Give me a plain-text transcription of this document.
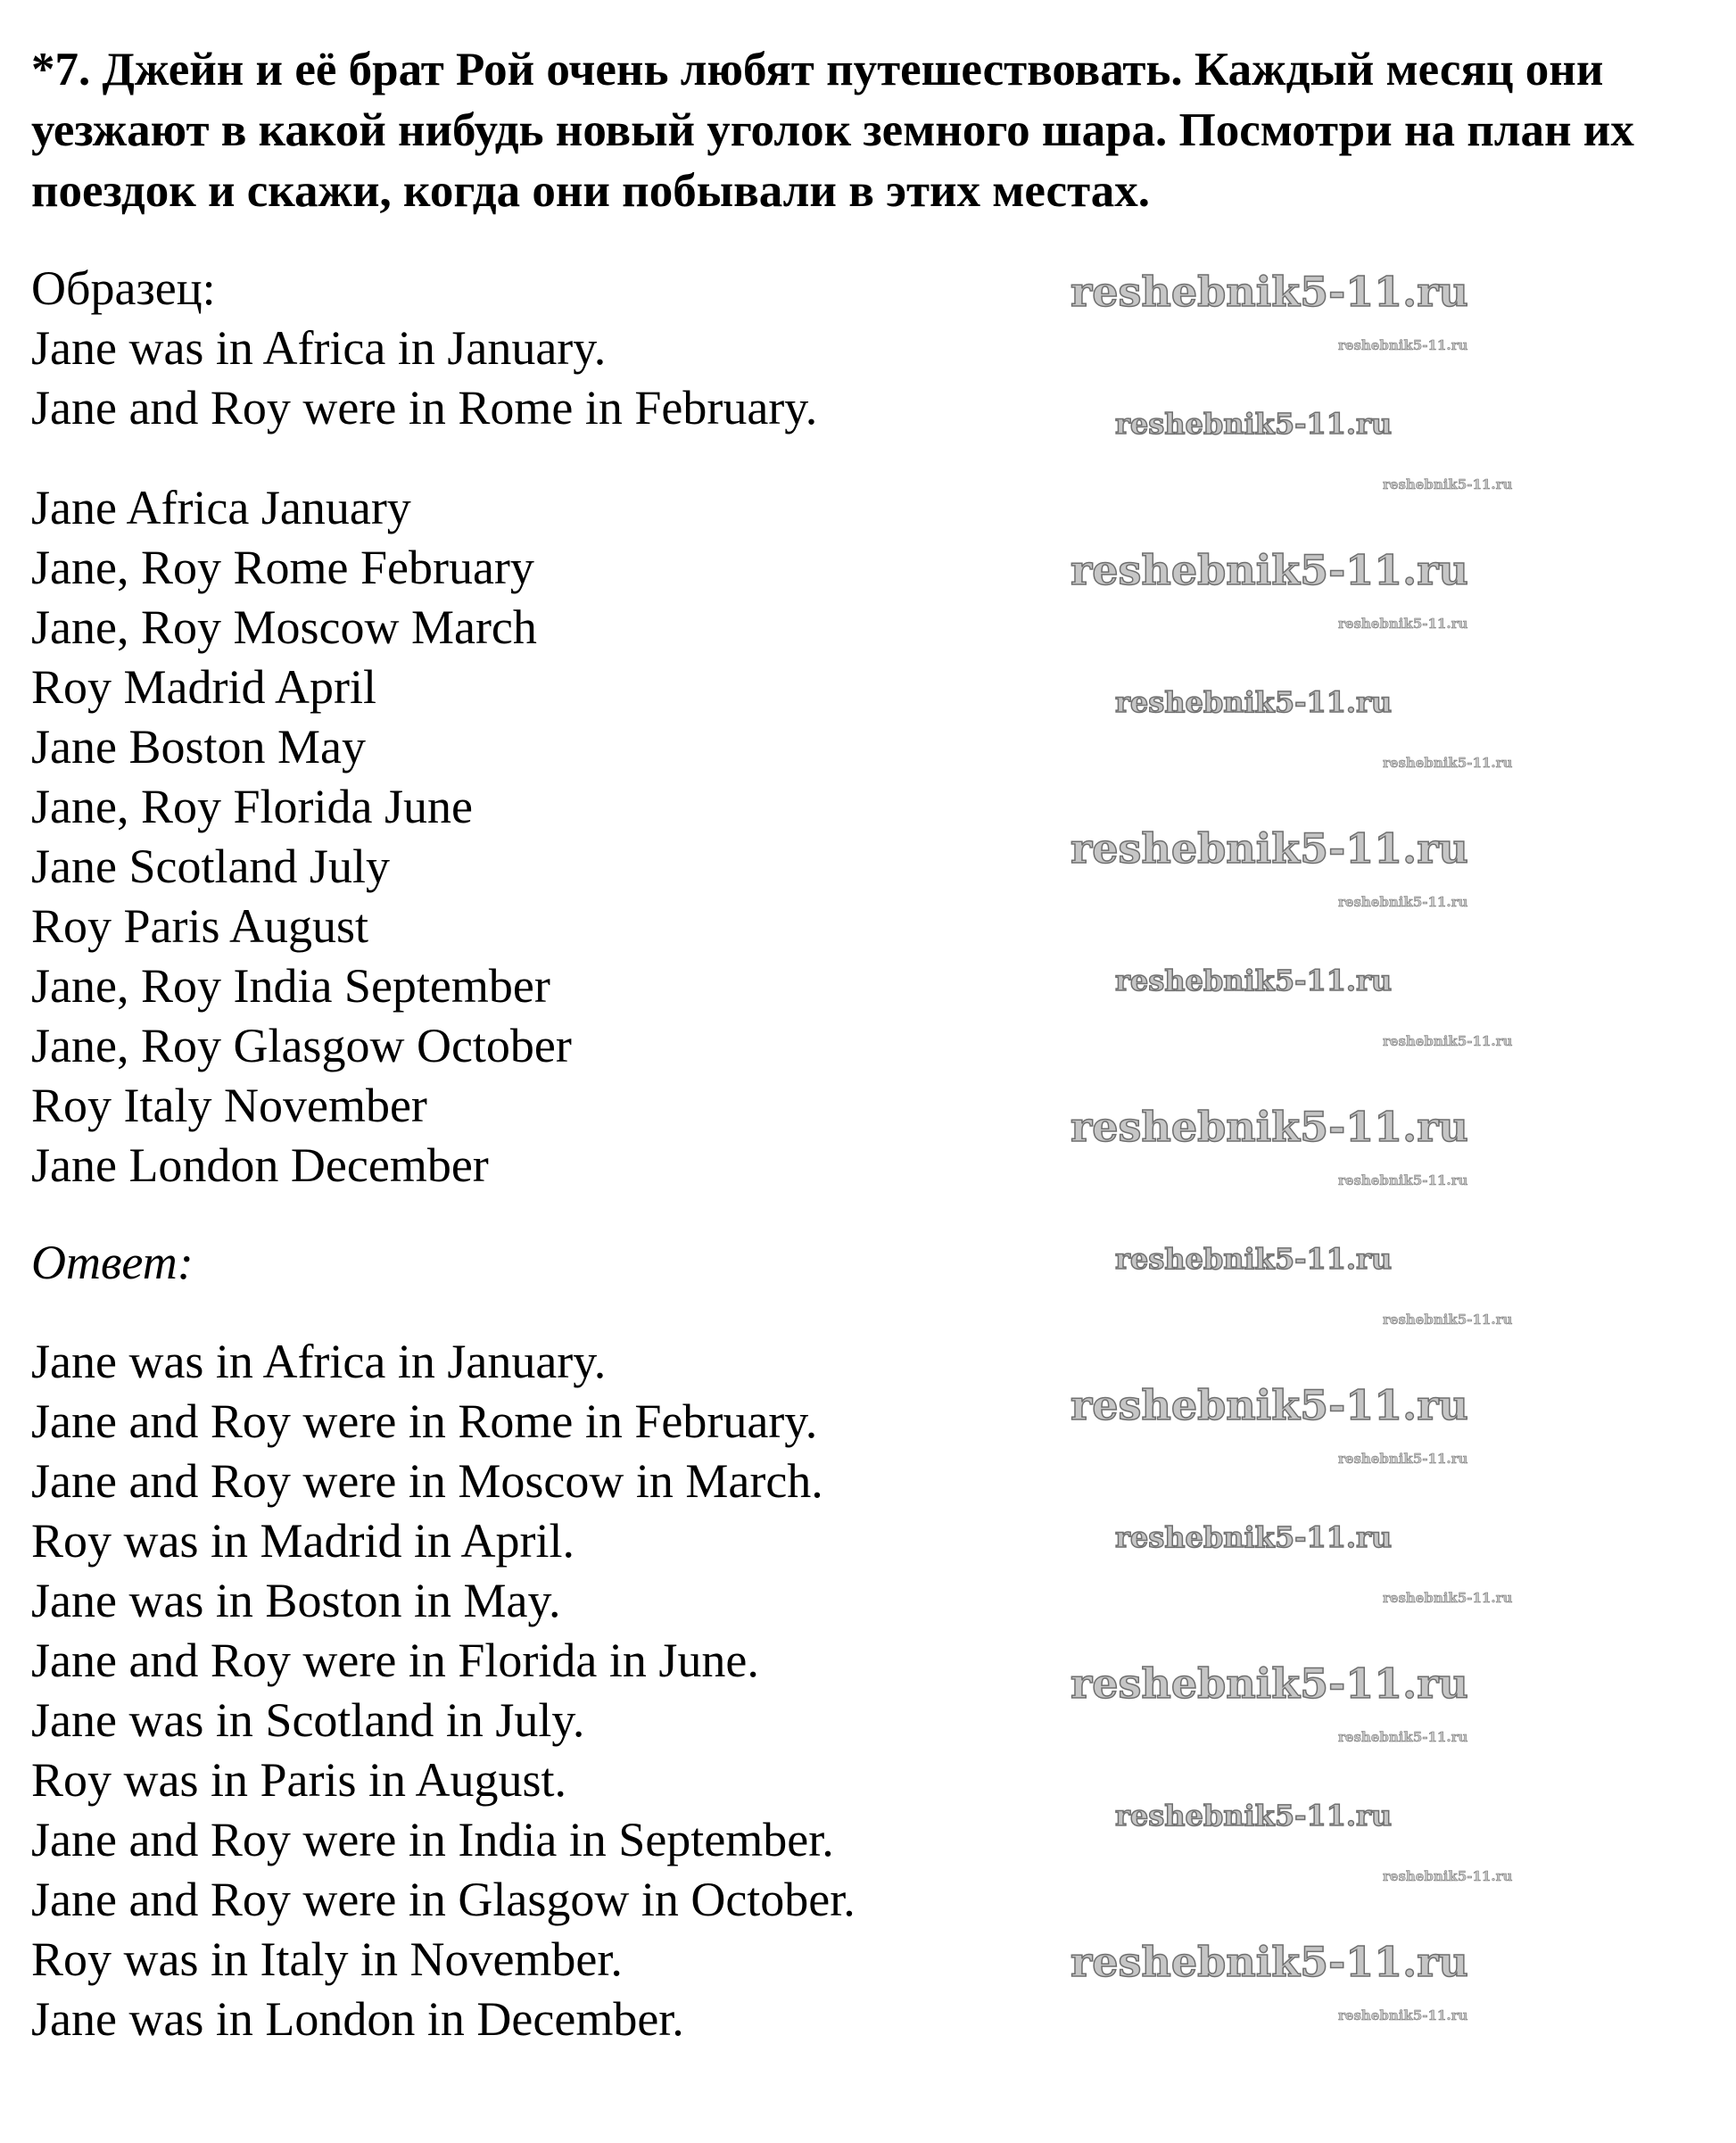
*7. Джейн и её брат Рой очень любят путешествовать. Каждый месяц они уезжают в какой нибудь новый уголок земного шара. Посмотри на план их поездок и скажи, когда они побывали в этих местах.
Образец:
Jane was in Africa in January.
Jane and Roy were in Rome in February.
Jane Africa January
Jane, Roy Rome February
Jane, Roy Moscow March
Roy Madrid April
Jane Boston May
Jane, Roy Florida June
Jane Scotland July
Roy Paris August
Jane, Roy India September
Jane, Roy Glasgow October
Roy Italy November
Jane London December
Ответ:
Jane was in Africa in January.
Jane and Roy were in Rome in February.
Jane and Roy were in Moscow in March.
Roy was in Madrid in April.
Jane was in Boston in May.
Jane and Roy were in Florida in June.
Jane was in Scotland in July.
Roy was in Paris in August.
Jane and Roy were in India in September.
Jane and Roy were in Glasgow in October.
Roy was in Italy in November.
Jane was in London in December.
reshebnik5-11.ru
reshebnik5-11.ru
reshebnik5-11.ru
reshebnik5-11.ru
reshebnik5-11.ru
reshebnik5-11.ru
reshebnik5-11.ru
reshebnik5-11.ru
reshebnik5-11.ru
reshebnik5-11.ru
reshebnik5-11.ru
reshebnik5-11.ru
reshebnik5-11.ru
reshebnik5-11.ru
reshebnik5-11.ru
reshebnik5-11.ru
reshebnik5-11.ru
reshebnik5-11.ru
reshebnik5-11.ru
reshebnik5-11.ru
reshebnik5-11.ru
reshebnik5-11.ru
reshebnik5-11.ru
reshebnik5-11.ru
reshebnik5-11.ru
reshebnik5-11.ru
